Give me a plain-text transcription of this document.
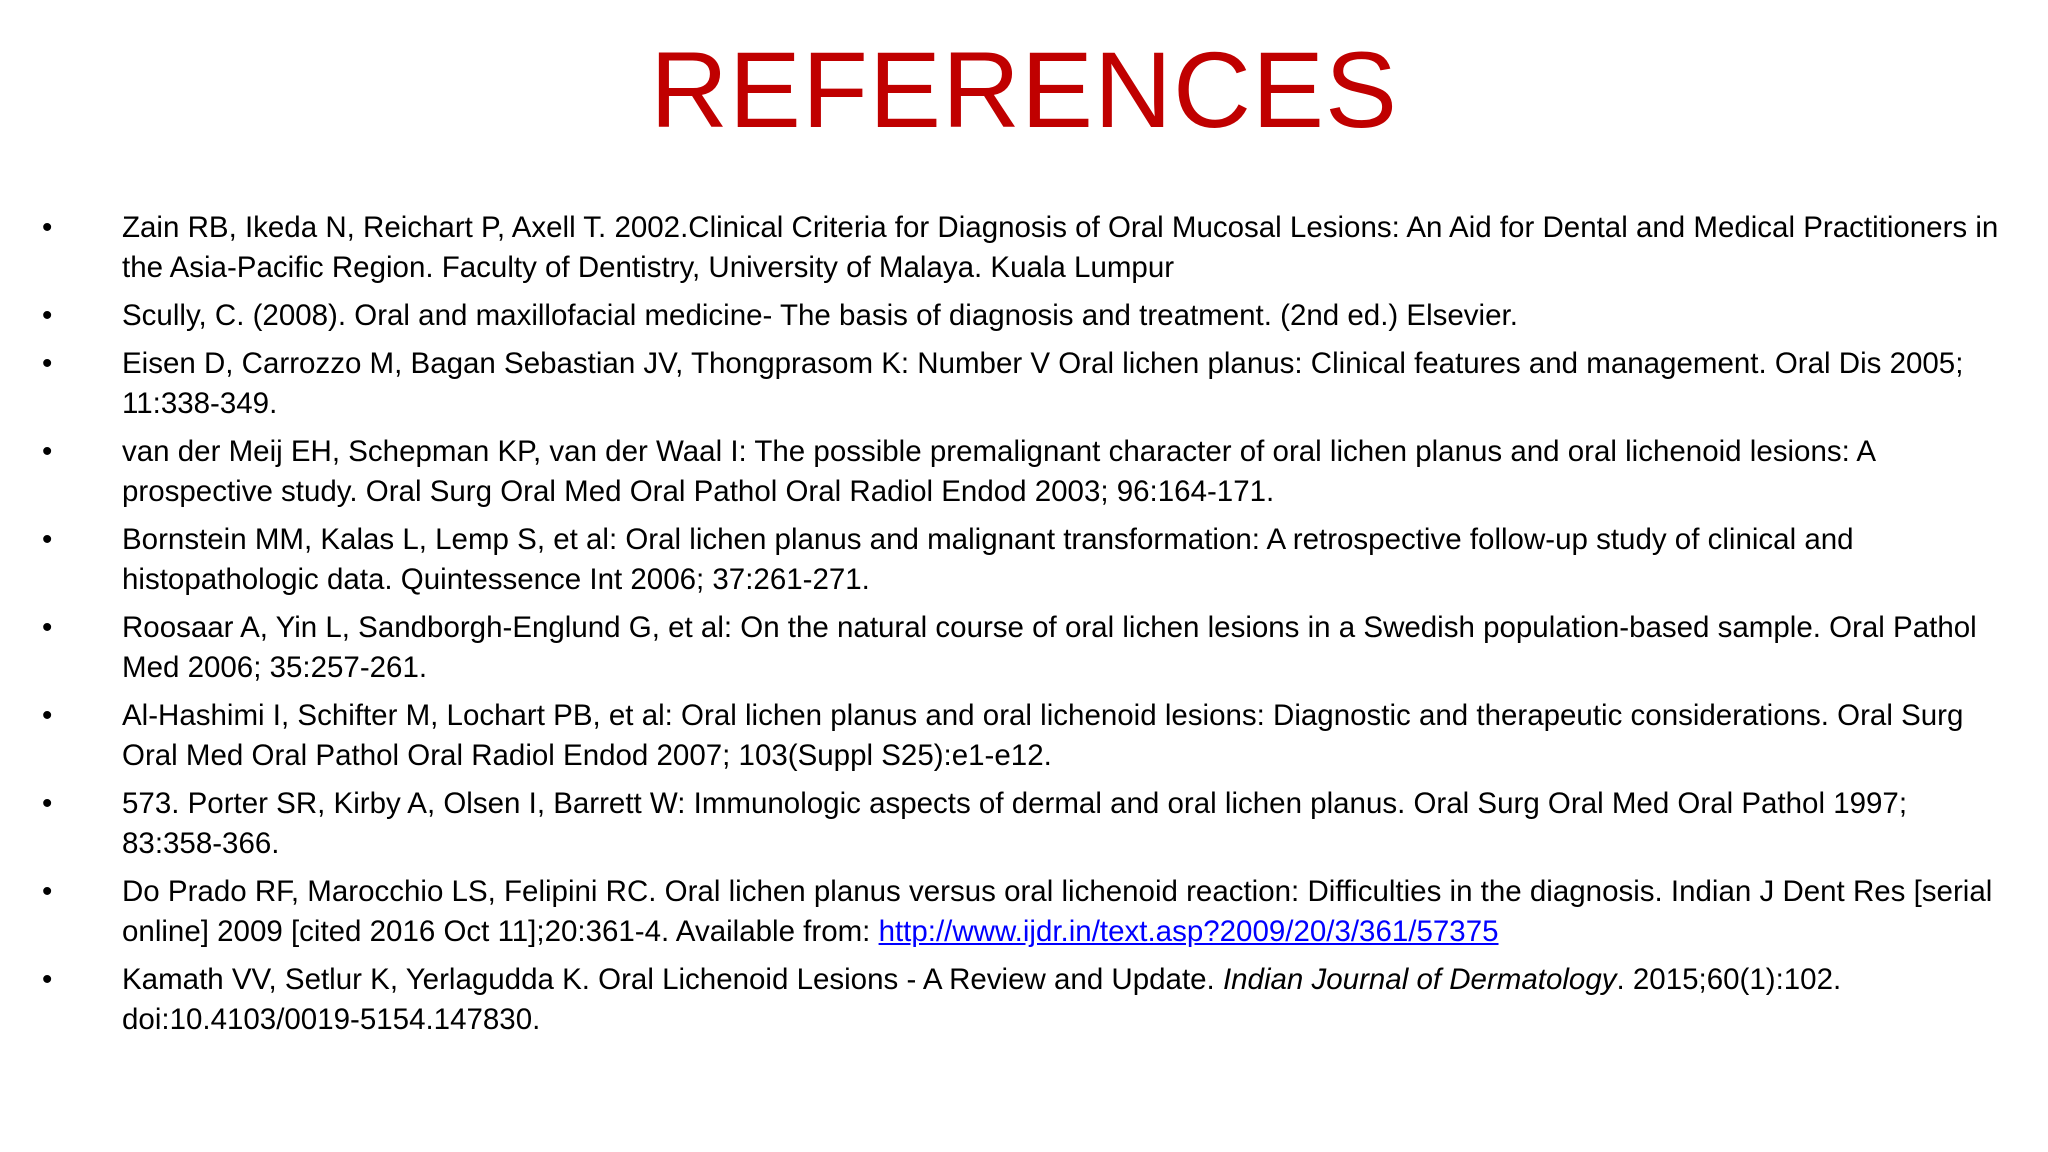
REFERENCES
• Zain RB, Ikeda N, Reichart P, Axell T. 2002.Clinical Criteria for Diagnosis of Oral Mucosal Lesions: An Aid for Dental and Medical Practitioners in the Asia-Pacific Region. Faculty of Dentistry, University of Malaya. Kuala Lumpur
• Scully, C. (2008). Oral and maxillofacial medicine- The basis of diagnosis and treatment. (2nd ed.) Elsevier.
• Eisen D, Carrozzo M, Bagan Sebastian JV, Thongprasom K: Number V Oral lichen planus: Clinical features and management. Oral Dis 2005; 11:338-349.
• van der Meij EH, Schepman KP, van der Waal I: The possible premalignant character of oral lichen planus and oral lichenoid lesions: A prospective study. Oral Surg Oral Med Oral Pathol Oral Radiol Endod 2003; 96:164-171.
• Bornstein MM, Kalas L, Lemp S, et al: Oral lichen planus and malignant transformation: A retrospective follow-up study of clinical and histopathologic data. Quintessence Int 2006; 37:261-271.
• Roosaar A, Yin L, Sandborgh-Englund G, et al: On the natural course of oral lichen lesions in a Swedish population-based sample. Oral Pathol Med 2006; 35:257-261.
• Al-Hashimi I, Schifter M, Lochart PB, et al: Oral lichen planus and oral lichenoid lesions: Diagnostic and therapeutic considerations. Oral Surg Oral Med Oral Pathol Oral Radiol Endod 2007; 103(Suppl S25):e1-e12.
• 573. Porter SR, Kirby A, Olsen I, Barrett W: Immunologic aspects of dermal and oral lichen planus. Oral Surg Oral Med Oral Pathol 1997; 83:358-366.
• Do Prado RF, Marocchio LS, Felipini RC. Oral lichen planus versus oral lichenoid reaction: Difficulties in the diagnosis. Indian J Dent Res [serial online] 2009 [cited 2016 Oct 11];20:361-4. Available from: http://www.ijdr.in/text.asp?2009/20/3/361/57375
• Kamath VV, Setlur K, Yerlagudda K. Oral Lichenoid Lesions - A Review and Update. Indian Journal of Dermatology. 2015;60(1):102. doi:10.4103/0019-5154.147830.
